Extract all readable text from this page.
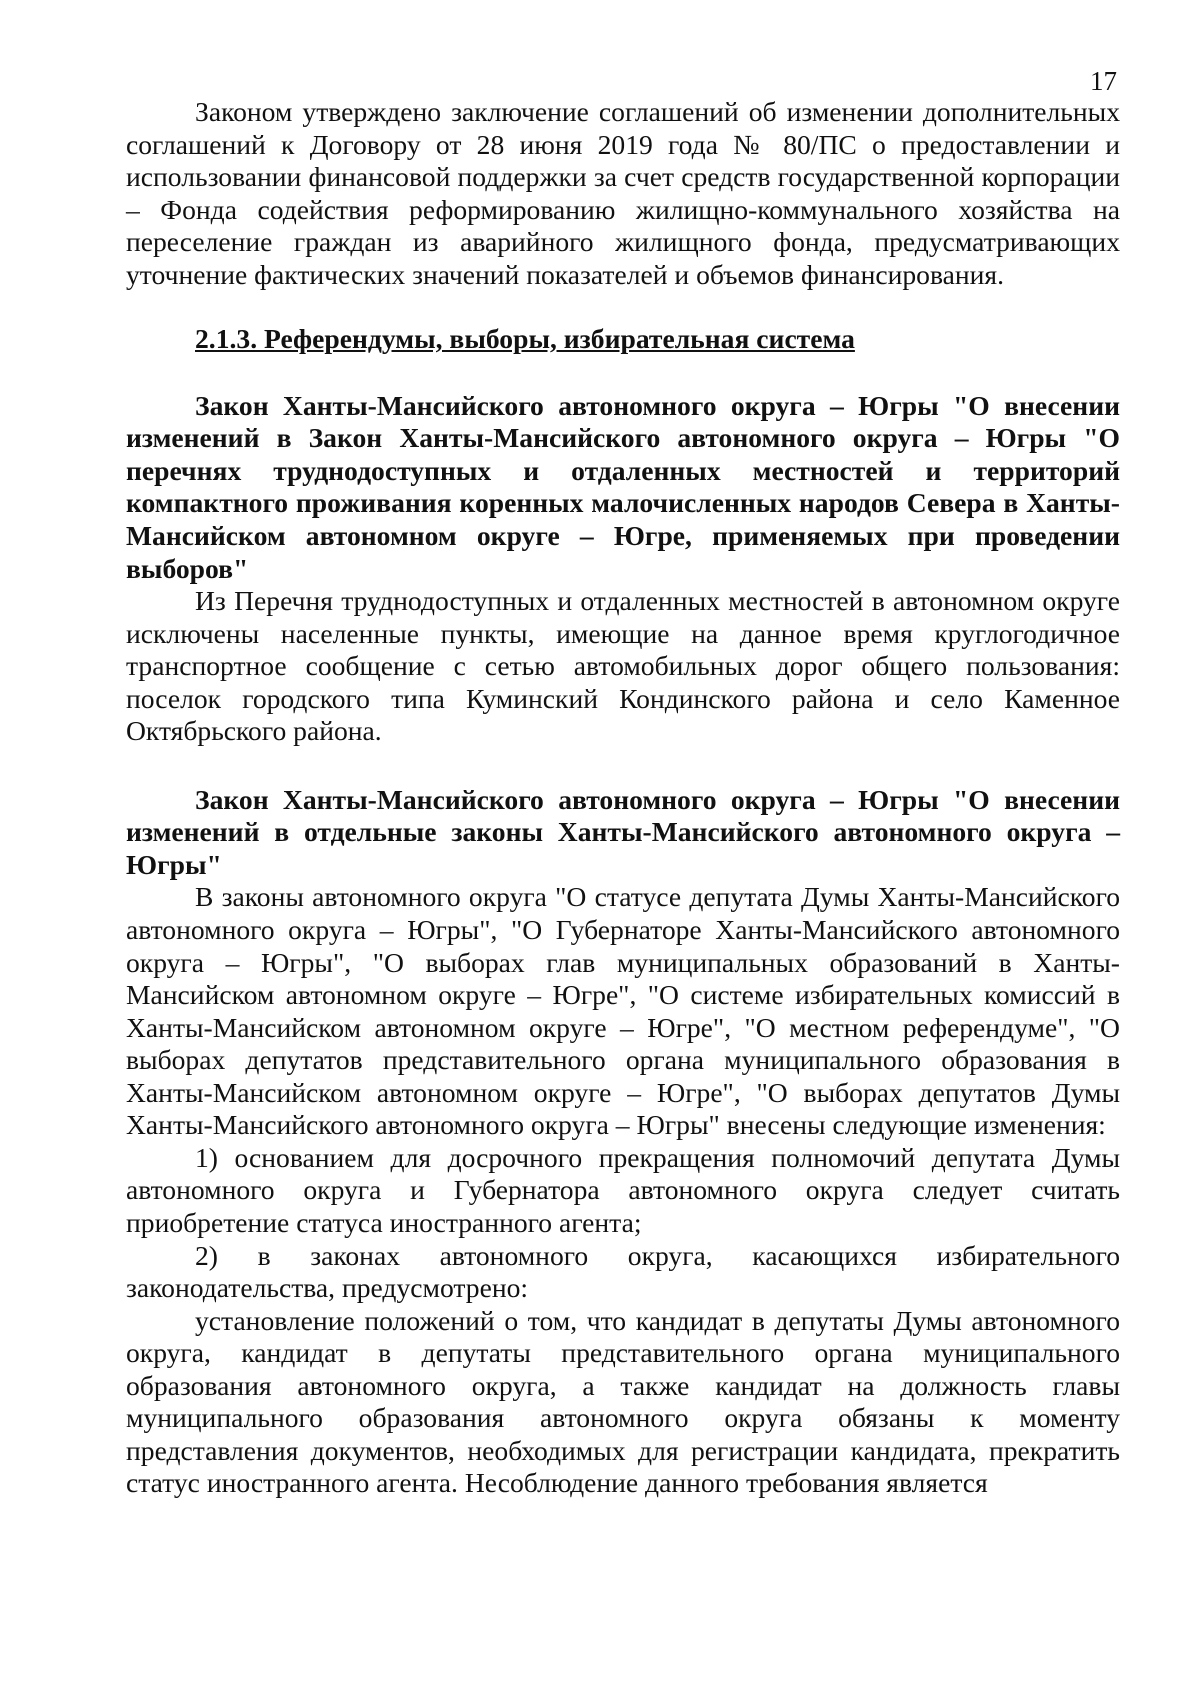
17

Законом утверждено заключение соглашений об изменении дополнительных соглашений к Договору от 28 июня 2019 года № 80/ПС о предоставлении и использовании финансовой поддержки за счет средств государственной корпорации – Фонда содействия реформированию жилищно-коммунального хозяйства на переселение граждан из аварийного жилищного фонда, предусматривающих уточнение фактических значений показателей и объемов финансирования.

2.1.3. Референдумы, выборы, избирательная система
Закон Ханты-Мансийского автономного округа – Югры "О внесении изменений в Закон Ханты-Мансийского автономного округа – Югры "О перечнях труднодоступных и отдаленных местностей и территорий компактного проживания коренных малочисленных народов Севера в Ханты-Мансийском автономном округе – Югре, применяемых при проведении выборов"

Из Перечня труднодоступных и отдаленных местностей в автономном округе исключены населенные пункты, имеющие на данное время круглогодичное транспортное сообщение с сетью автомобильных дорог общего пользования: поселок городского типа Куминский Кондинского района и село Каменное Октябрьского района.

Закон Ханты-Мансийского автономного округа – Югры "О внесении изменений в отдельные законы Ханты-Мансийского автономного округа – Югры"

В законы автономного округа "О статусе депутата Думы Ханты-Мансийского автономного округа – Югры", "О Губернаторе Ханты-Мансийского автономного округа – Югры", "О выборах глав муниципальных образований в Ханты-Мансийском автономном округе – Югре", "О системе избирательных комиссий в Ханты-Мансийском автономном округе – Югре", "О местном референдуме", "О выборах депутатов представительного органа муниципального образования в Ханты-Мансийском автономном округе – Югре", "О выборах депутатов Думы Ханты-Мансийского автономного округа – Югры" внесены следующие изменения:

1) основанием для досрочного прекращения полномочий депутата Думы автономного округа и Губернатора автономного округа следует считать приобретение статуса иностранного агента;

2) в законах автономного округа, касающихся избирательного законодательства, предусмотрено:

установление положений о том, что кандидат в депутаты Думы автономного округа, кандидат в депутаты представительного органа муниципального образования автономного округа, а также кандидат на должность главы муниципального образования автономного округа обязаны к моменту представления документов, необходимых для регистрации кандидата, прекратить статус иностранного агента. Несоблюдение данного требования является
